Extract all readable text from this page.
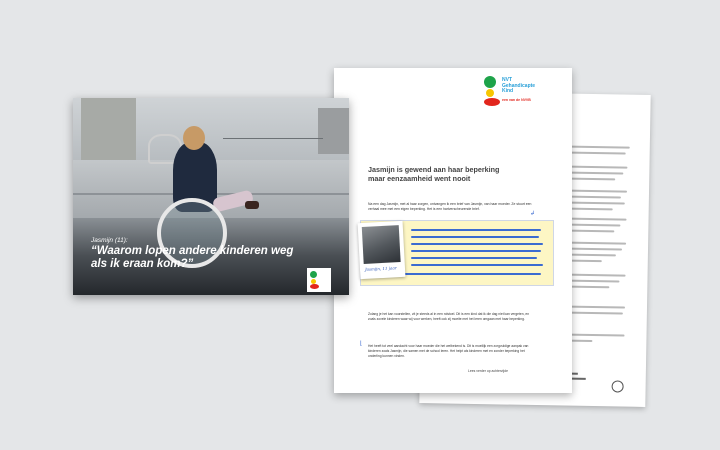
NVT
Gehandicapte
Kind
een van de NVVB
Jasmijn is gewend aan haar beperking maar eenzaamheid went nooit
Na een dag Jasmijn, met al haar zorgen, ontvangen ik een brief van Jasmijn, van haar moeder. Ze stuurt een verhaal mee met een eigen beperking. Het is een hartverscheurende brief.
↲
Jasmijn, 11 jaar
Zolang je het kan voorstellen, zit je steeds al in een rolstoel. Dit is een kind dat ik die dag niet kan vergeten, en zoals zovele kinderen waar wij voor werken, heeft ook zij moeite met het leren omgaan met haar beperking.
Het heeft tot veel aandacht voor haar moeder die het welbekend is. Dit is moeilijk een zorgvuldige aanpak van kinderen zoals Jasmijn, die samen met de school leren. Het helpt als kinderen met en zonder beperking het onderling kunnen vinden.
⌊
Lees verder op achterzijde
Jasmijn (11):
“Waarom lopen andere kinderen weg als ik eraan kom?”
